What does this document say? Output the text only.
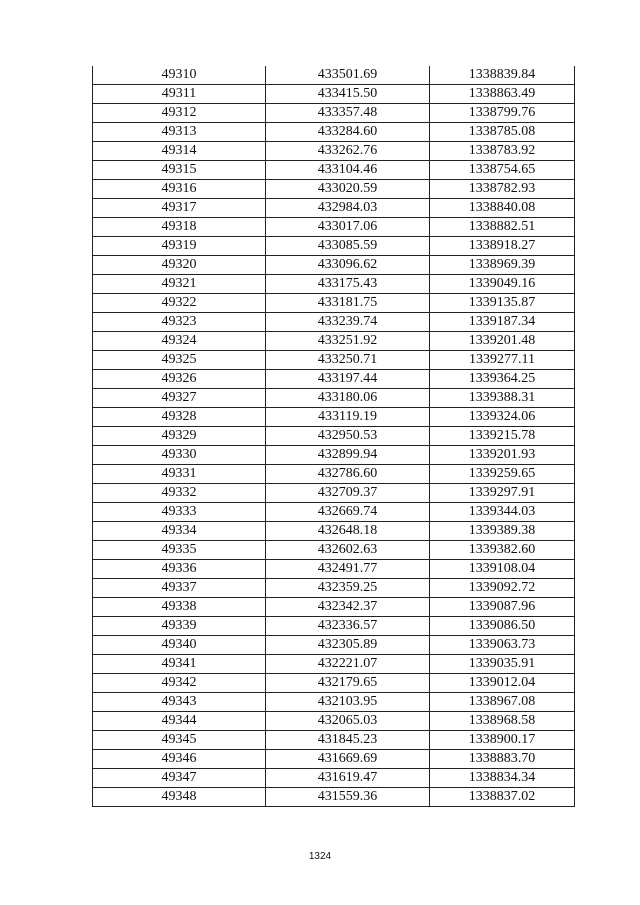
49310	433501.69	1338839.84
49311	433415.50	1338863.49
49312	433357.48	1338799.76
49313	433284.60	1338785.08
49314	433262.76	1338783.92
49315	433104.46	1338754.65
49316	433020.59	1338782.93
49317	432984.03	1338840.08
49318	433017.06	1338882.51
49319	433085.59	1338918.27
49320	433096.62	1338969.39
49321	433175.43	1339049.16
49322	433181.75	1339135.87
49323	433239.74	1339187.34
49324	433251.92	1339201.48
49325	433250.71	1339277.11
49326	433197.44	1339364.25
49327	433180.06	1339388.31
49328	433119.19	1339324.06
49329	432950.53	1339215.78
49330	432899.94	1339201.93
49331	432786.60	1339259.65
49332	432709.37	1339297.91
49333	432669.74	1339344.03
49334	432648.18	1339389.38
49335	432602.63	1339382.60
49336	432491.77	1339108.04
49337	432359.25	1339092.72
49338	432342.37	1339087.96
49339	432336.57	1339086.50
49340	432305.89	1339063.73
49341	432221.07	1339035.91
49342	432179.65	1339012.04
49343	432103.95	1338967.08
49344	432065.03	1338968.58
49345	431845.23	1338900.17
49346	431669.69	1338883.70
49347	431619.47	1338834.34
49348	431559.36	1338837.02
1324
